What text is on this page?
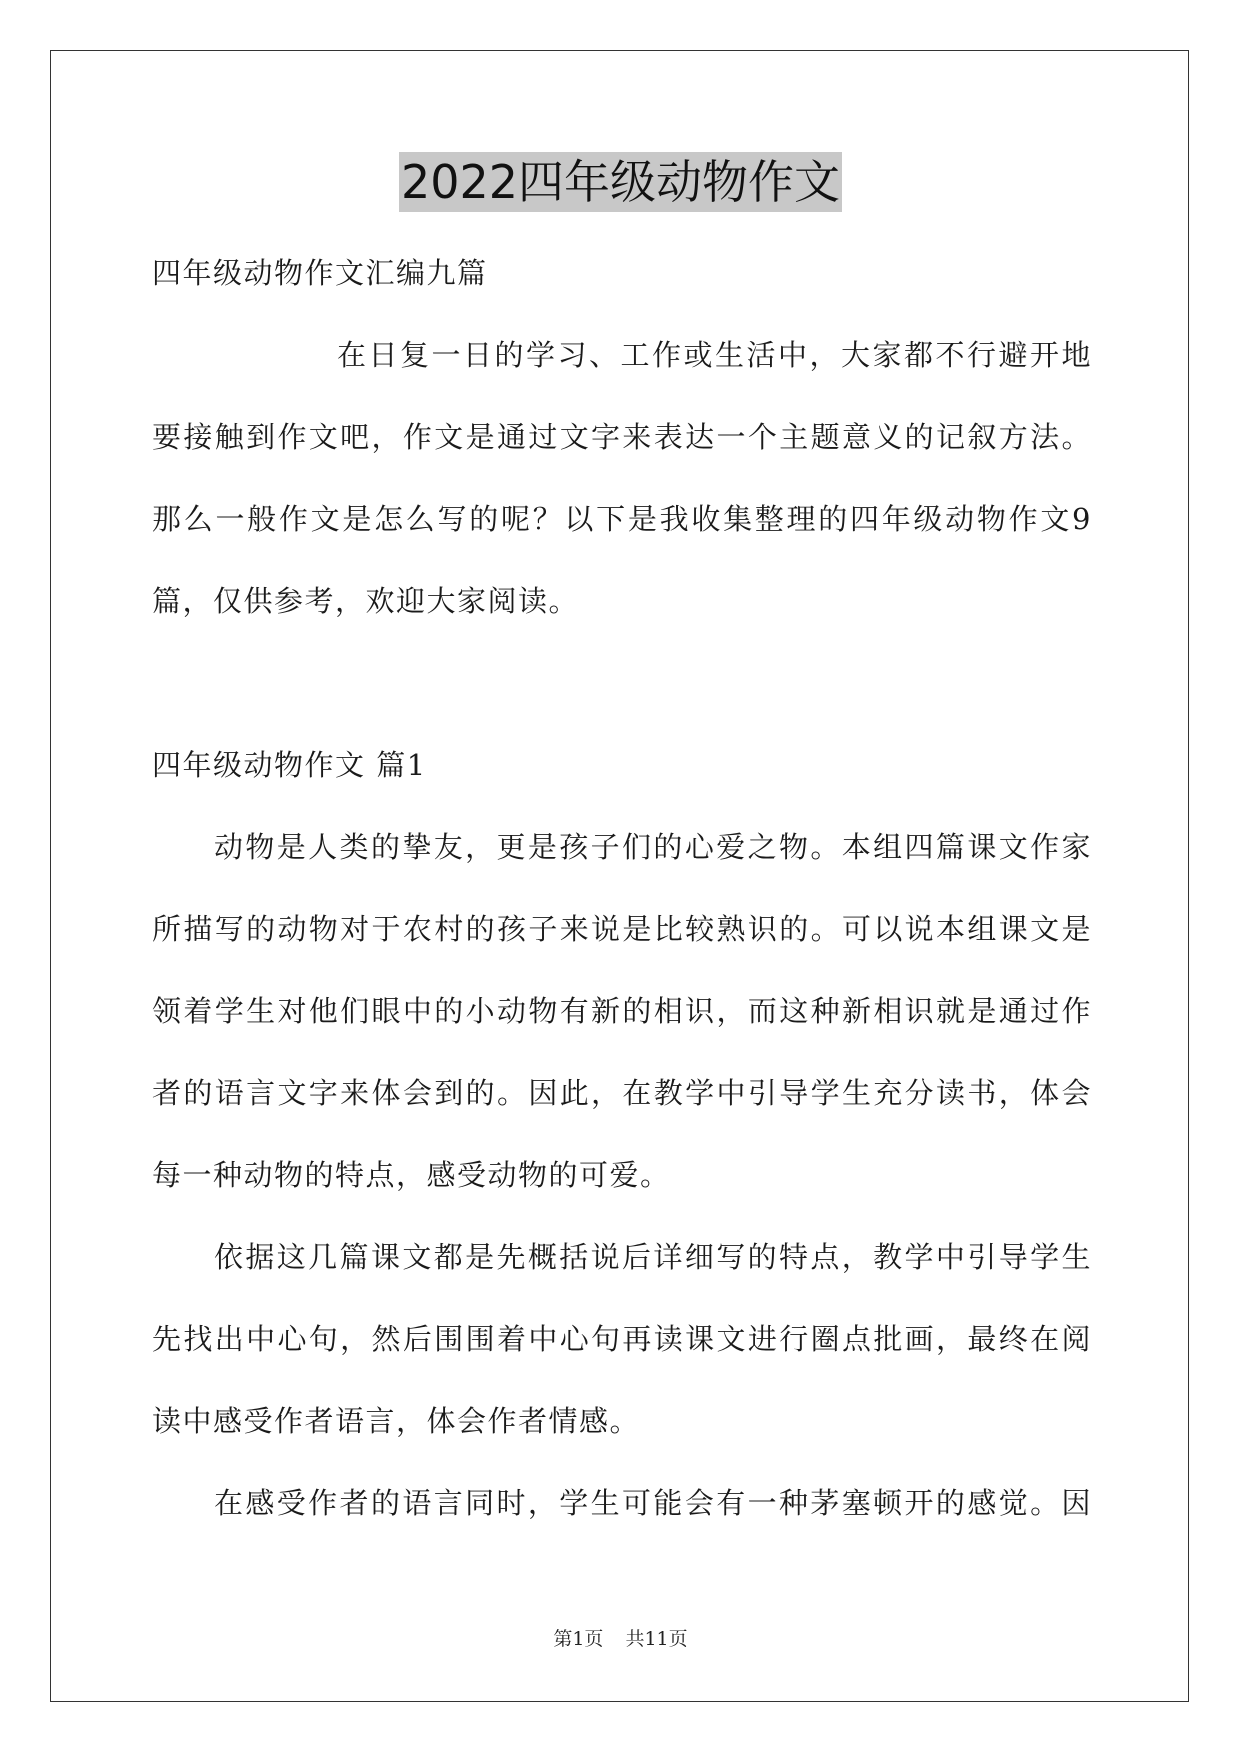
2022四年级动物作文
四年级动物作文汇编九篇
在日复一日的学习、工作或生活中，大家都不行避开地
要接触到作文吧，作文是通过文字来表达一个主题意义的记叙方法。
那么一般作文是怎么写的呢？以下是我收集整理的四年级动物作文9
篇，仅供参考，欢迎大家阅读。
四年级动物作文 篇1
动物是人类的挚友，更是孩子们的心爱之物。本组四篇课文作家
所描写的动物对于农村的孩子来说是比较熟识的。可以说本组课文是
领着学生对他们眼中的小动物有新的相识，而这种新相识就是通过作
者的语言文字来体会到的。因此，在教学中引导学生充分读书，体会
每一种动物的特点，感受动物的可爱。
依据这几篇课文都是先概括说后详细写的特点，教学中引导学生
先找出中心句，然后围围着中心句再读课文进行圈点批画，最终在阅
读中感受作者语言，体会作者情感。
在感受作者的语言同时，学生可能会有一种茅塞顿开的感觉。因
第1页 共11页
